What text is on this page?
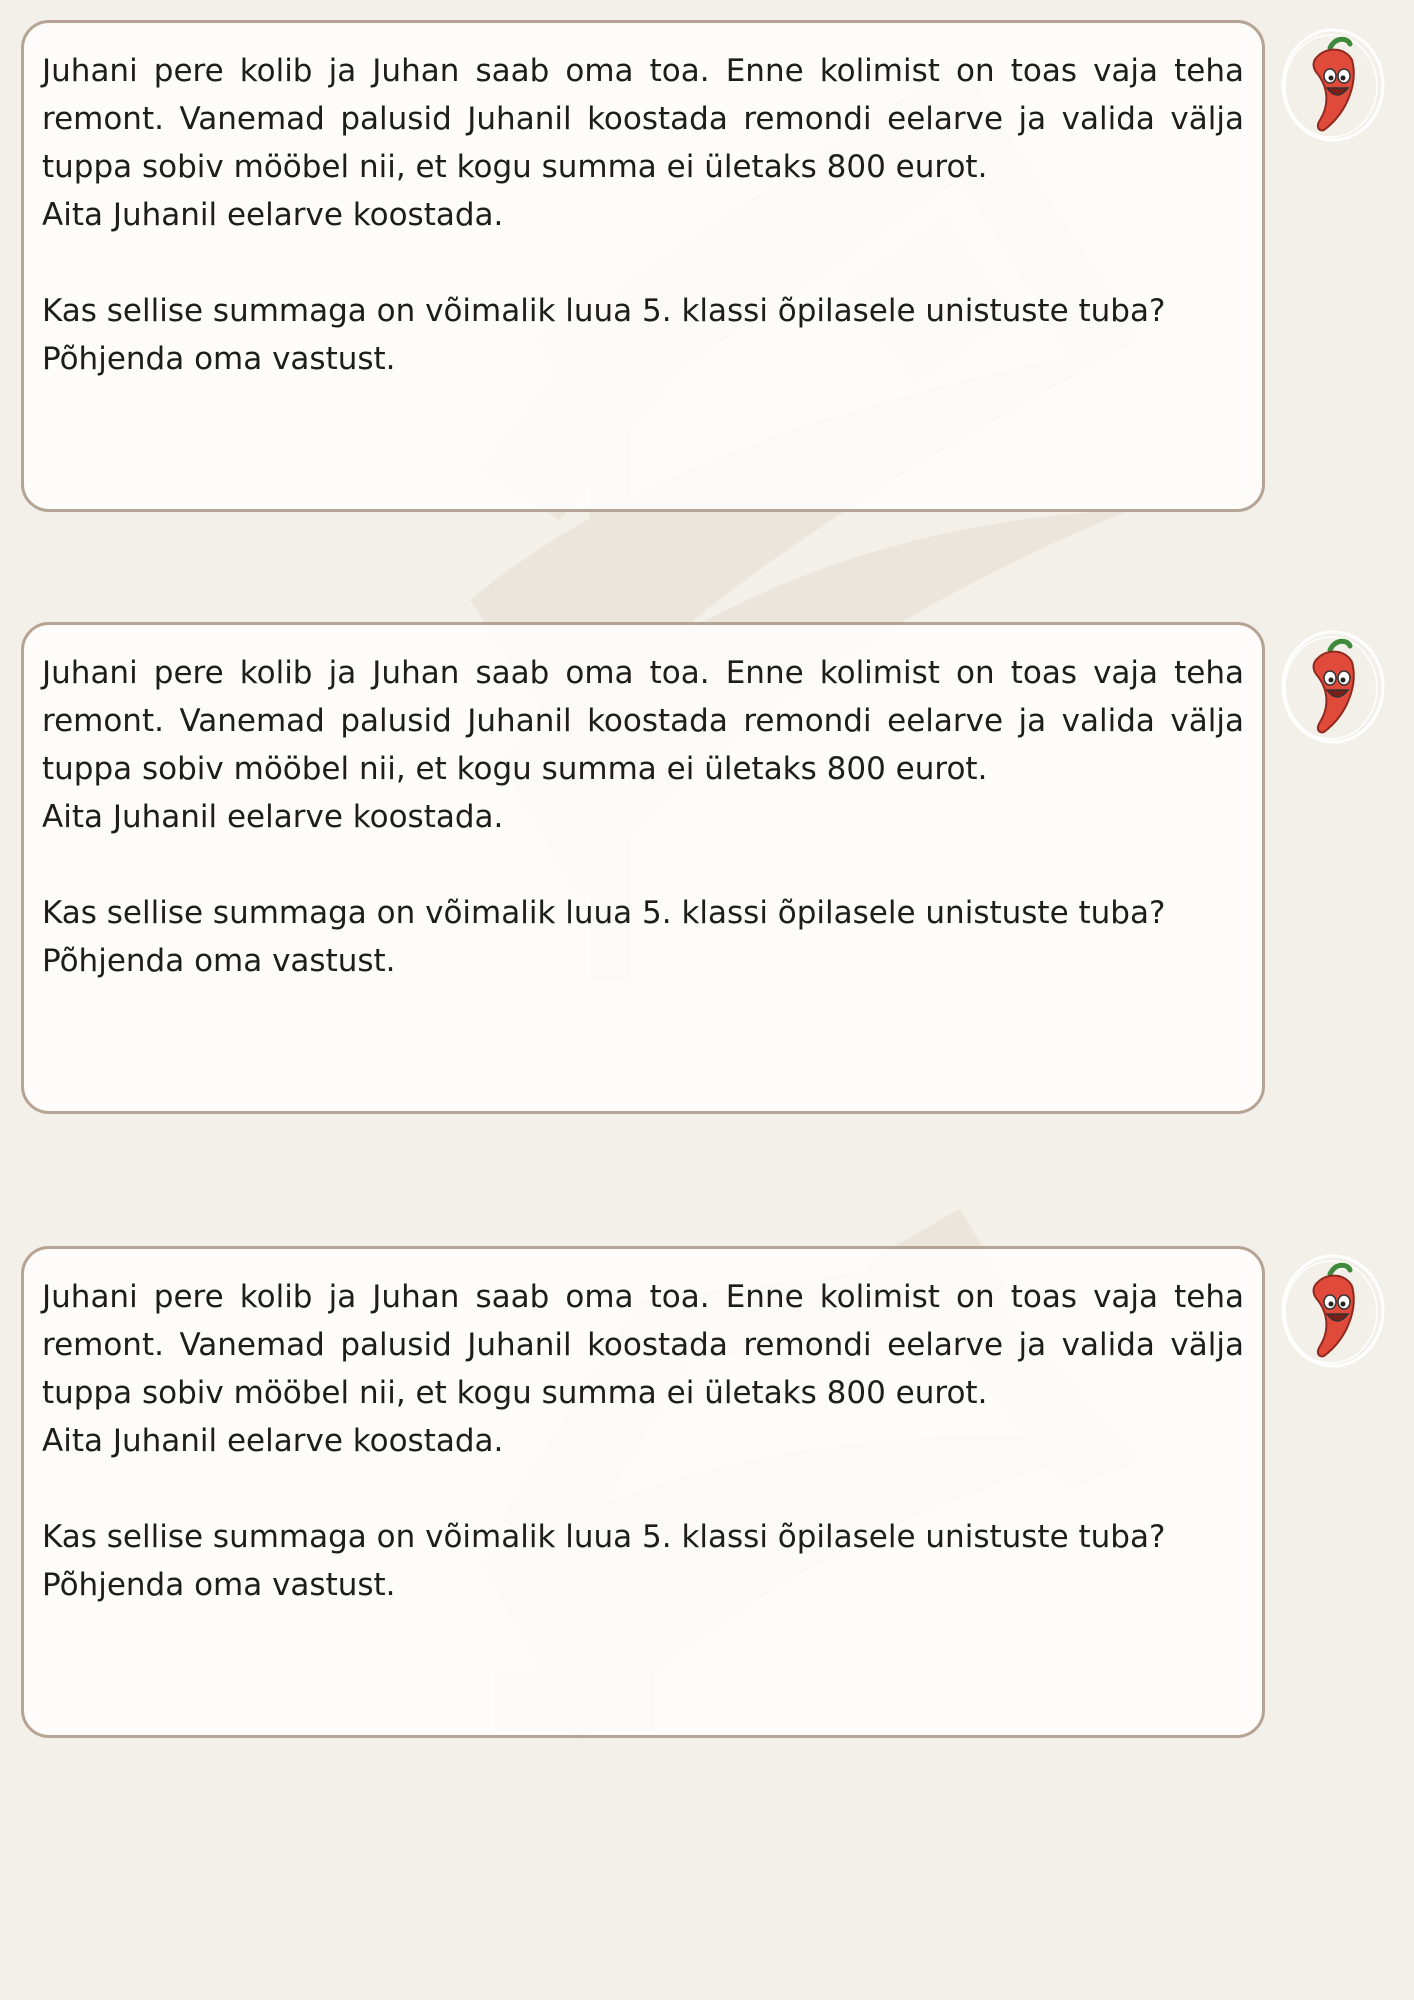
Juhani pere kolib ja Juhan saab oma toa. Enne kolimist on toas vaja teha remont. Vanemad palusid Juhanil koostada remondi eelarve ja valida välja tuppa sobiv mööbel nii, et kogu summa ei ületaks 800 eurot.

Aita Juhanil eelarve koostada.

Kas sellise summaga on võimalik luua 5. klassi õpilasele unistuste tuba?

Põhjenda oma vastust.

Juhani pere kolib ja Juhan saab oma toa. Enne kolimist on toas vaja teha remont. Vanemad palusid Juhanil koostada remondi eelarve ja valida välja tuppa sobiv mööbel nii, et kogu summa ei ületaks 800 eurot.

Aita Juhanil eelarve koostada.

Kas sellise summaga on võimalik luua 5. klassi õpilasele unistuste tuba?

Põhjenda oma vastust.

Juhani pere kolib ja Juhan saab oma toa. Enne kolimist on toas vaja teha remont. Vanemad palusid Juhanil koostada remondi eelarve ja valida välja tuppa sobiv mööbel nii, et kogu summa ei ületaks 800 eurot.

Aita Juhanil eelarve koostada.

Kas sellise summaga on võimalik luua 5. klassi õpilasele unistuste tuba?

Põhjenda oma vastust.
